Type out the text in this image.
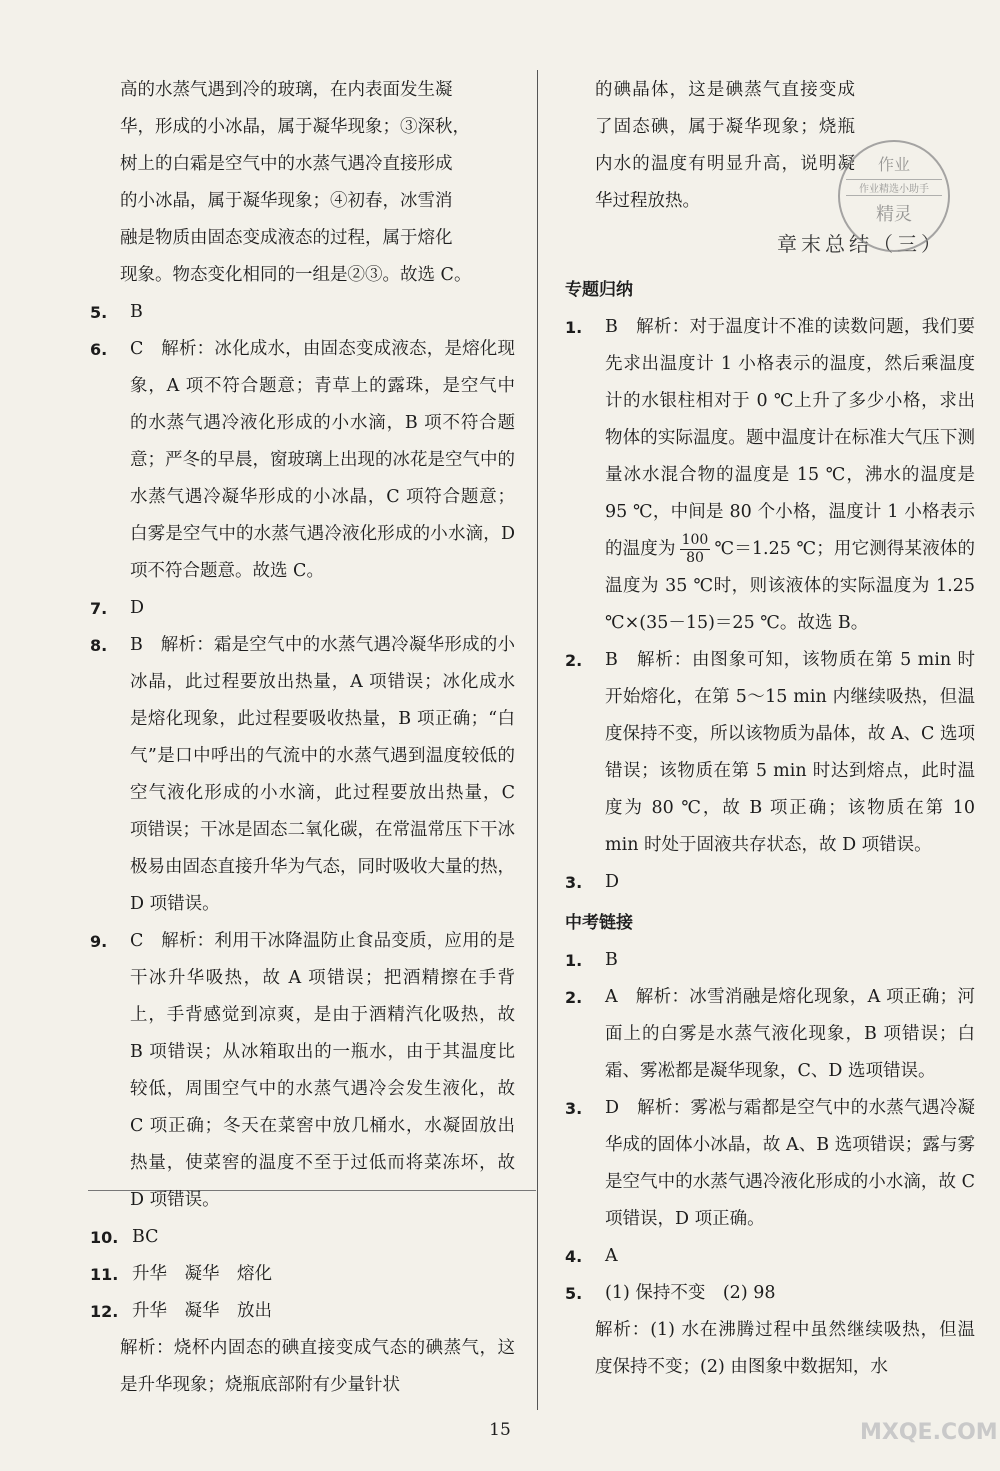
高的水蒸气遇到冷的玻璃，在内表面发生凝

华，形成的小冰晶，属于凝华现象；③深秋，

树上的白霜是空气中的水蒸气遇冷直接形成

的小冰晶，属于凝华现象；④初春，冰雪消

融是物质由固态变成液态的过程，属于熔化

现象。物态变化相同的一组是②③。故选 C。

5.	B

6.	C　解析：冰化成水，由固态变成液态，是熔化现象，A 项不符合题意；青草上的露珠，是空气中的水蒸气遇冷液化形成的小水滴，B 项不符合题意；严冬的早晨，窗玻璃上出现的冰花是空气中的水蒸气遇冷凝华形成的小冰晶，C 项符合题意；白雾是空气中的水蒸气遇冷液化形成的小水滴，D 项不符合题意。故选 C。

7.	D

8.	B　解析：霜是空气中的水蒸气遇冷凝华形成的小冰晶，此过程要放出热量，A 项错误；冰化成水是熔化现象，此过程要吸收热量，B 项正确；“白气”是口中呼出的气流中的水蒸气遇到温度较低的空气液化形成的小水滴，此过程要放出热量，C 项错误；干冰是固态二氧化碳，在常温常压下干冰极易由固态直接升华为气态，同时吸收大量的热，D 项错误。

9.	C　解析：利用干冰降温防止食品变质，应用的是干冰升华吸热，故 A 项错误；把酒精擦在手背上，手背感觉到凉爽，是由于酒精汽化吸热，故 B 项错误；从冰箱取出的一瓶水，由于其温度比较低，周围空气中的水蒸气遇冷会发生液化，故 C 项正确；冬天在菜窖中放几桶水，水凝固放出热量，使菜窖的温度不至于过低而将菜冻坏，故 D 项错误。

10. BC

11. 升华　凝华　熔化

12. 升华　凝华　放出

解析：烧杯内固态的碘直接变成气态的碘蒸气，这是升华现象；烧瓶底部附有少量针状

的碘晶体，这是碘蒸气直接变成了固态碘，属于凝华现象；烧瓶内水的温度有明显升高，说明凝华过程放热。

章末总结（三）
专题归纳
1.	B　解析：对于温度计不准的读数问题，我们要先求出温度计 1 小格表示的温度，然后乘温度计的水银柱相对于 0 ℃上升了多少小格，求出物体的实际温度。题中温度计在标准大气压下测量冰水混合物的温度是 15 ℃，沸水的温度是 95 ℃，中间是 80 个小格，温度计 1 小格表示的温度为 $\frac{100}{80}$ ℃＝1.25 ℃；用它测得某液体的温度为 35 ℃时，则该液体的实际温度为 1.25 ℃×(35－15)＝25 ℃。故选 B。

2.	B　解析：由图象可知，该物质在第 5 min 时开始熔化，在第 5～15 min 内继续吸热，但温度保持不变，所以该物质为晶体，故 A、C 选项错误；该物质在第 5 min 时达到熔点，此时温度为 80 ℃，故 B 项正确；该物质在第 10 min 时处于固液共存状态，故 D 项错误。

3.	D

中考链接
1.	B

2.	A　解析：冰雪消融是熔化现象，A 项正确；河面上的白雾是水蒸气液化现象，B 项错误；白霜、雾凇都是凝华现象，C、D 选项错误。

3.	D　解析：雾凇与霜都是空气中的水蒸气遇冷凝华成的固体小冰晶，故 A、B 选项错误；露与雾是空气中的水蒸气遇冷液化形成的小水滴，故 C 项错误，D 项正确。

4.	A

5.	(1) 保持不变　(2) 98

解析：(1) 水在沸腾过程中虽然继续吸热，但温度保持不变；(2) 由图象中数据知，水

作业
作业精选小助手
精灵
15	MXQE.COM
